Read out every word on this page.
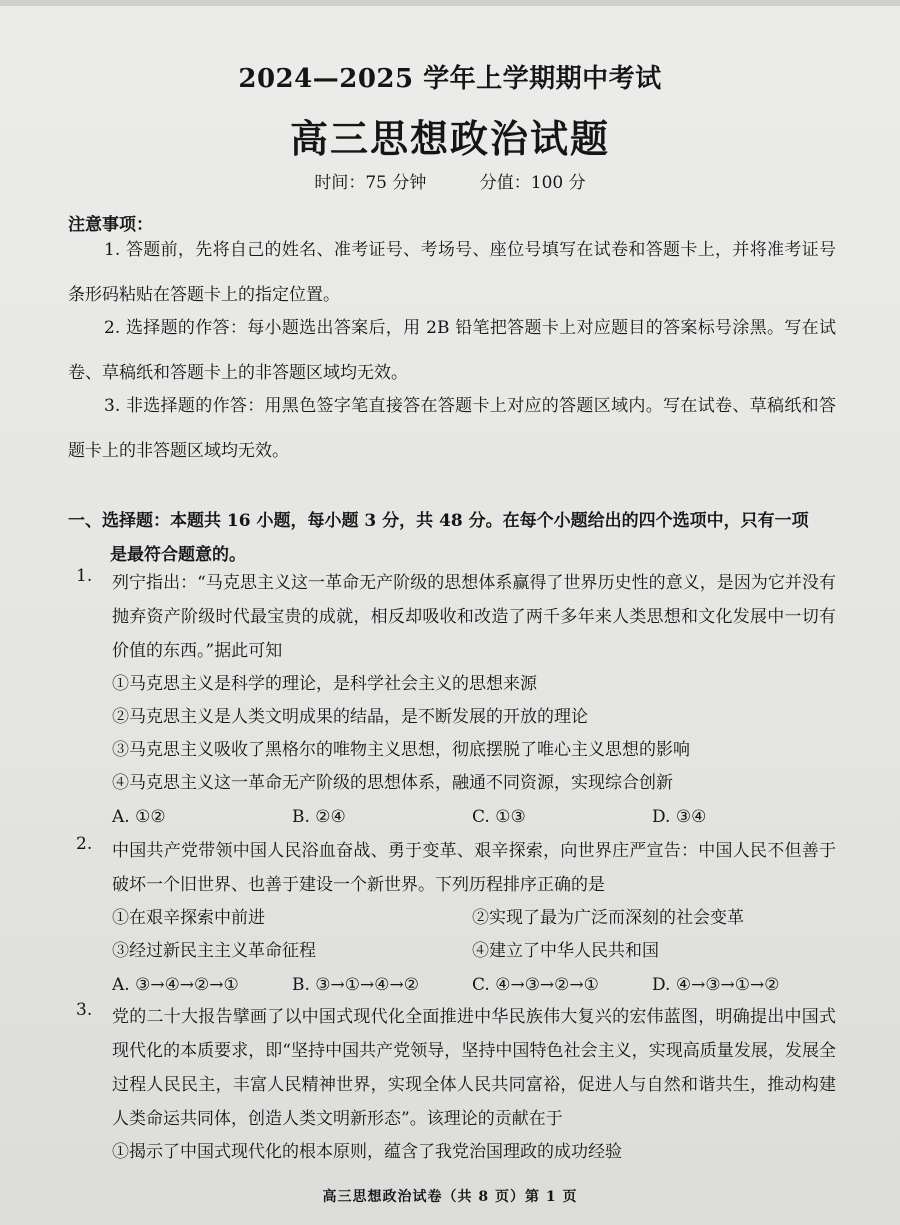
2024—2025 学年上学期期中考试
高三思想政治试题
时间：75 分钟	分值：100 分
注意事项：
1. 答题前，先将自己的姓名、准考证号、考场号、座位号填写在试卷和答题卡上，并将准考证号条形码粘贴在答题卡上的指定位置。
2. 选择题的作答：每小题选出答案后，用 2B 铅笔把答题卡上对应题目的答案标号涂黑。写在试卷、草稿纸和答题卡上的非答题区域均无效。
3. 非选择题的作答：用黑色签字笔直接答在答题卡上对应的答题区域内。写在试卷、草稿纸和答题卡上的非答题区域均无效。
一、选择题：本题共 16 小题，每小题 3 分，共 48 分。在每个小题给出的四个选项中，只有一项
是最符合题意的。
1. 列宁指出：“马克思主义这一革命无产阶级的思想体系赢得了世界历史性的意义，是因为它并没有抛弃资产阶级时代最宝贵的成就，相反却吸收和改造了两千多年来人类思想和文化发展中一切有价值的东西。”据此可知
①马克思主义是科学的理论，是科学社会主义的思想来源
②马克思主义是人类文明成果的结晶，是不断发展的开放的理论
③马克思主义吸收了黑格尔的唯物主义思想，彻底摆脱了唯心主义思想的影响
④马克思主义这一革命无产阶级的思想体系，融通不同资源，实现综合创新
A. ①②	B. ②④	C. ①③	D. ③④
2. 中国共产党带领中国人民浴血奋战、勇于变革、艰辛探索，向世界庄严宣告：中国人民不但善于破坏一个旧世界、也善于建设一个新世界。下列历程排序正确的是
①在艰辛探索中前进	②实现了最为广泛而深刻的社会变革
③经过新民主主义革命征程	④建立了中华人民共和国
A. ③→④→②→①	B. ③→①→④→②	C. ④→③→②→①	D. ④→③→①→②
3. 党的二十大报告擘画了以中国式现代化全面推进中华民族伟大复兴的宏伟蓝图，明确提出中国式现代化的本质要求，即“坚持中国共产党领导，坚持中国特色社会主义，实现高质量发展，发展全过程人民民主，丰富人民精神世界，实现全体人民共同富裕，促进人与自然和谐共生，推动构建人类命运共同体，创造人类文明新形态”。该理论的贡献在于
①揭示了中国式现代化的根本原则，蕴含了我党治国理政的成功经验
高三思想政治试卷（共 8 页）第 1 页
